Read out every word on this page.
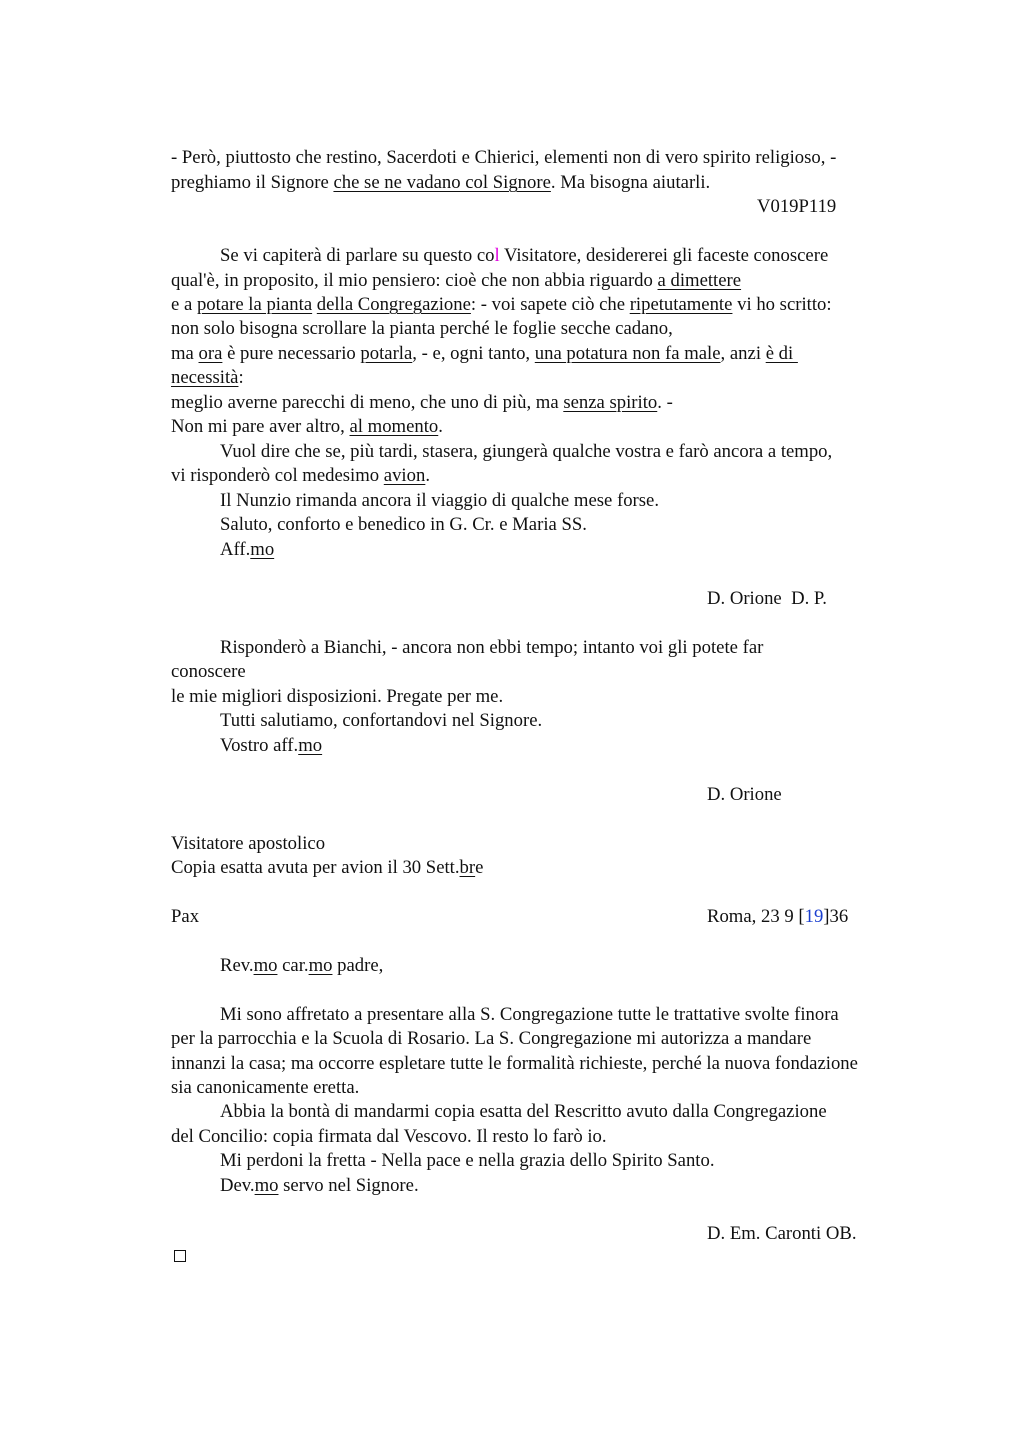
- Però, piuttosto che restino, Sacerdoti e Chierici, elementi non di vero spirito religioso, -
preghiamo il Signore che se ne vadano col Signore. Ma bisogna aiutarli.
V019P119
Se vi capiterà di parlare su questo col Visitatore, desidererei gli faceste conoscere
qual'è, in proposito, il mio pensiero: cioè che non abbia riguardo a dimettere
e a potare la pianta della Congregazione: - voi sapete ciò che ripetutamente vi ho scritto:
non solo bisogna scrollare la pianta perché le foglie secche cadano,
ma ora è pure necessario potarla, - e, ogni tanto, una potatura non fa male, anzi è di
necessità:
meglio averne parecchi di meno, che uno di più, ma senza spirito. -
Non mi pare aver altro, al momento.
Vuol dire che se, più tardi, stasera, giungerà qualche vostra e farò ancora a tempo,
vi risponderò col medesimo avion.
Il Nunzio rimanda ancora il viaggio di qualche mese forse.
Saluto, conforto e benedico in G. Cr. e Maria SS.
Aff.mo
D. Orione  D. P.
Risponderò a Bianchi, - ancora non ebbi tempo; intanto voi gli potete far
conoscere
le mie migliori disposizioni. Pregate per me.
Tutti salutiamo, confortandovi nel Signore.
Vostro aff.mo
D. Orione
Visitatore apostolico
Copia esatta avuta per avion il 30 Sett.bre
Pax	Roma, 23 9 [19]36
Rev.mo car.mo padre,
Mi sono affretato a presentare alla S. Congregazione tutte le trattative svolte finora
per la parrocchia e la Scuola di Rosario. La S. Congregazione mi autorizza a mandare
innanzi la casa; ma occorre espletare tutte le formalità richieste, perché la nuova fondazione
sia canonicamente eretta.
Abbia la bontà di mandarmi copia esatta del Rescritto avuto dalla Congregazione
del Concilio: copia firmata dal Vescovo. Il resto lo farò io.
Mi perdoni la fretta - Nella pace e nella grazia dello Spirito Santo.
Dev.mo servo nel Signore.
D. Em. Caronti OB.
